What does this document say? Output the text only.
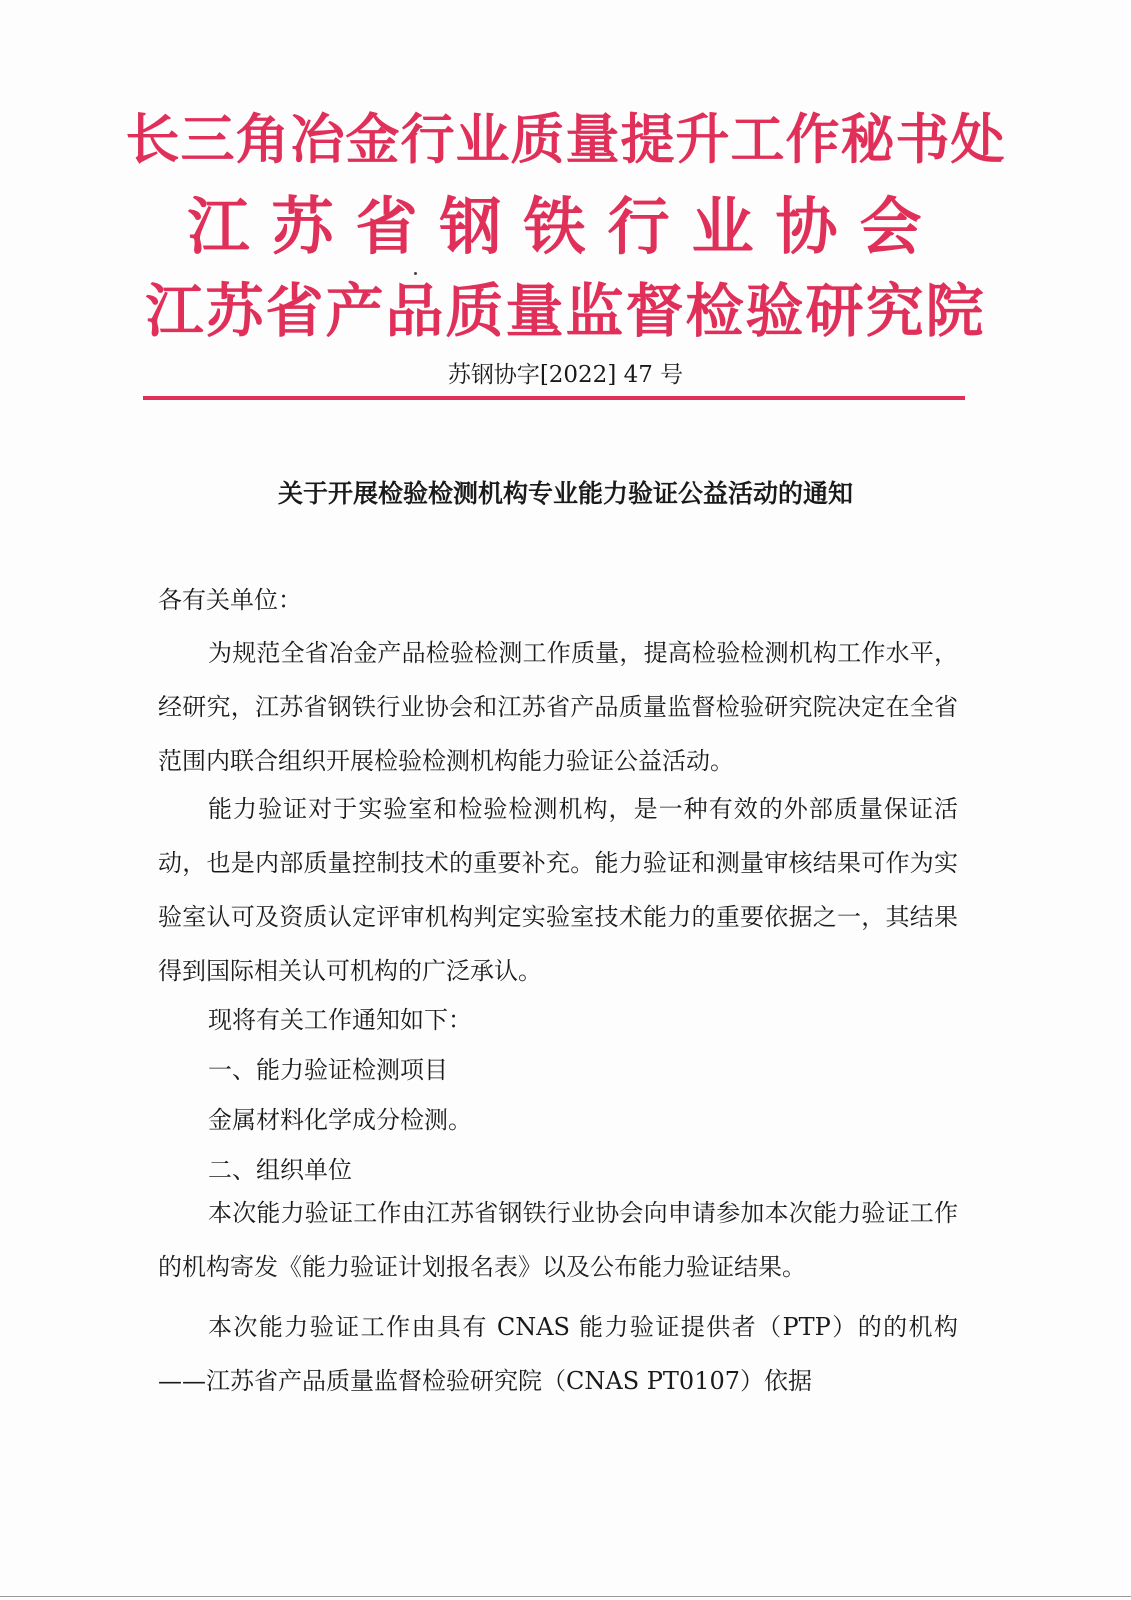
长三角冶金行业质量提升工作秘书处
江苏省钢铁行业协会
江苏省产品质量监督检验研究院
苏钢协字[2022] 47 号
关于开展检验检测机构专业能力验证公益活动的通知
各有关单位：

为规范全省冶金产品检验检测工作质量，提高检验检测机构工作水平，经研究，江苏省钢铁行业协会和江苏省产品质量监督检验研究院决定在全省范围内联合组织开展检验检测机构能力验证公益活动。

能力验证对于实验室和检验检测机构，是一种有效的外部质量保证活动，也是内部质量控制技术的重要补充。能力验证和测量审核结果可作为实验室认可及资质认定评审机构判定实验室技术能力的重要依据之一，其结果得到国际相关认可机构的广泛承认。

现将有关工作通知如下：
一、能力验证检测项目
金属材料化学成分检测。
二、组织单位

本次能力验证工作由江苏省钢铁行业协会向申请参加本次能力验证工作的机构寄发《能力验证计划报名表》以及公布能力验证结果。

本次能力验证工作由具有 CNAS 能力验证提供者（PTP）的的机构——江苏省产品质量监督检验研究院（CNAS PT0107）依据
